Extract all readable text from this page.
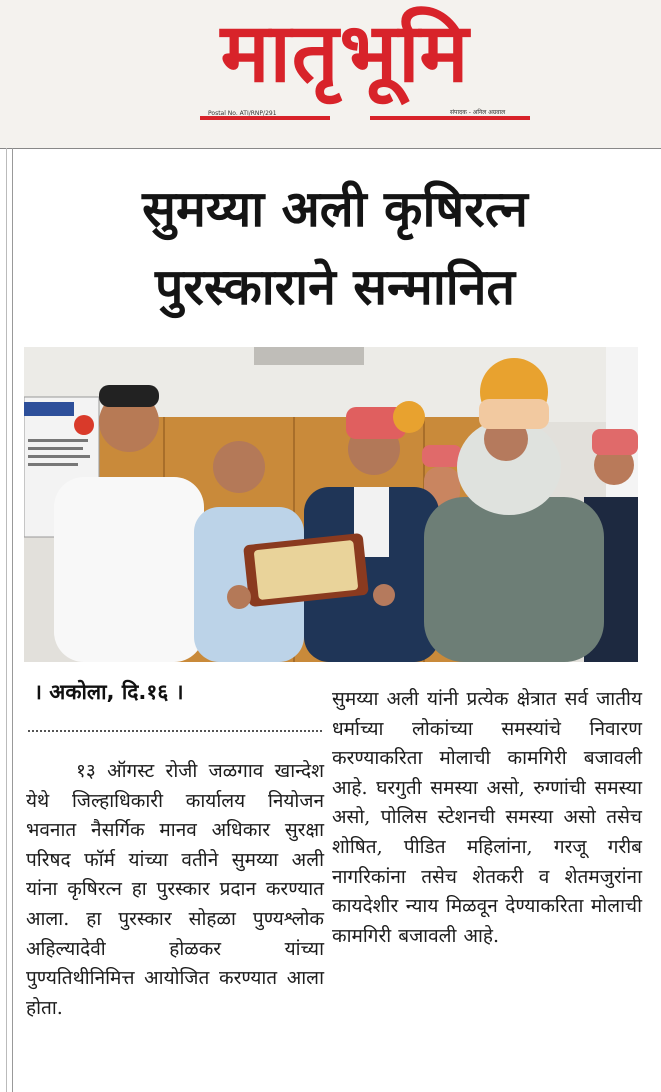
मातृभूमि
Postal No. ATI/RNP/291	संपादक - अनिल अग्रवाल
सुमय्या अली कृषिरत्न
पुरस्काराने सन्मानित
। अकोला, दि.१६ ।

१३ ऑगस्ट रोजी जळगाव खान्देश येथे जिल्हाधिकारी कार्यालय नियोजन भवनात नैसर्गिक मानव अधिकार सुरक्षा परिषद फॉर्म यांच्या वतीने सुमय्या अली यांना कृषिरत्न हा पुरस्कार प्रदान करण्यात आला. हा पुरस्कार सोहळा पुण्यश्लोक अहिल्यादेवी होळकर यांच्या पुण्यतिथीनिमित्त आयोजित करण्यात आला होता.

सुमय्या अली यांनी प्रत्येक क्षेत्रात सर्व जातीय धर्माच्या लोकांच्या समस्यांचे निवारण करण्याकरिता मोलाची कामगिरी बजावली आहे. घरगुती समस्या असो, रुग्णांची समस्या असो, पोलिस स्टेशनची समस्या असो तसेच शोषित, पीडित महिलांना, गरजू गरीब नागरिकांना तसेच शेतकरी व शेतमजुरांना कायदेशीर न्याय मिळवून देण्याकरिता मोलाची कामगिरी बजावली आहे.
